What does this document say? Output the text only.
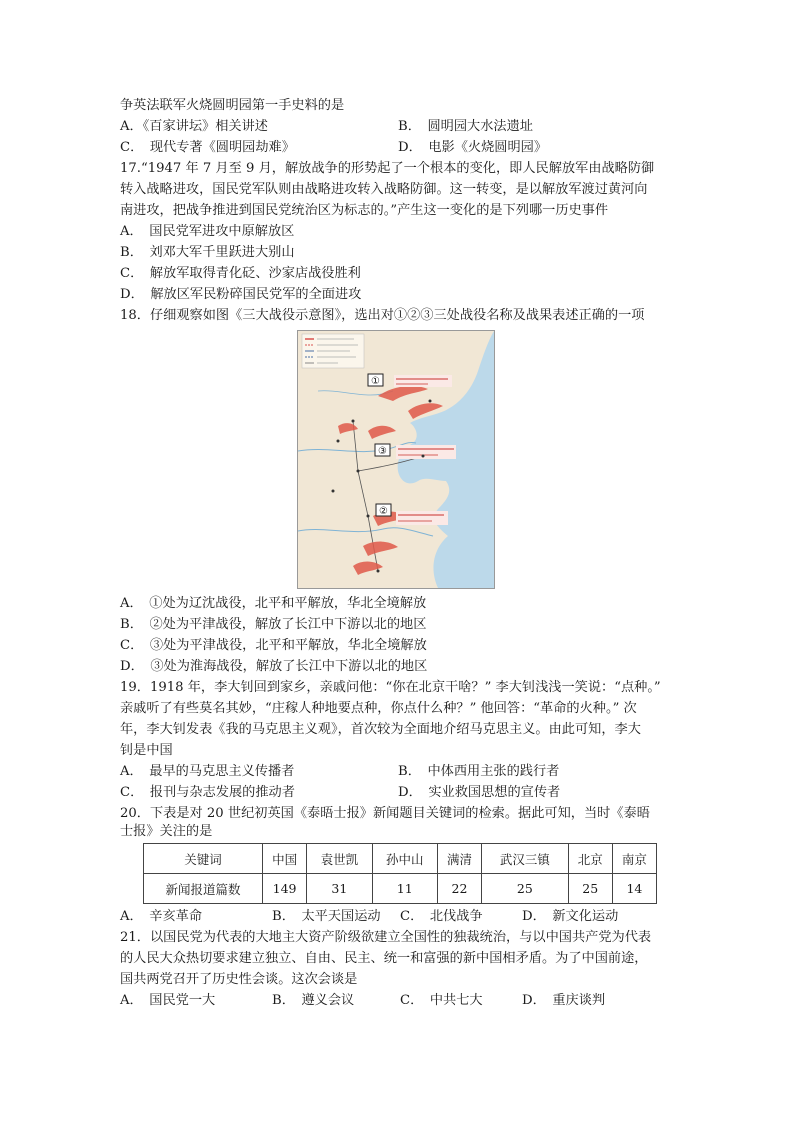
争英法联军火烧圆明园第一手史料的是
A．《百家讲坛》相关讲述	B．　圆明园大水法遗址
C．　现代专著《圆明园劫难》	D．　电影《火烧圆明园》
17.“1947 年 7 月至 9 月，解放战争的形势起了一个根本的变化，即人民解放军由战略防御
转入战略进攻，国民党军队则由战略进攻转入战略防御。这一转变，是以解放军渡过黄河向
南进攻，把战争推进到国民党统治区为标志的。”产生这一变化的是下列哪一历史事件
A．　国民党军进攻中原解放区
B．　刘邓大军千里跃进大别山
C．　解放军取得青化砭、沙家店战役胜利
D．　解放区军民粉碎国民党军的全面进攻
18．仔细观察如图《三大战役示意图》，选出对①②③三处战役名称及战果表述正确的一项
①
③
②
A．　①处为辽沈战役，北平和平解放，华北全境解放
B．　②处为平津战役，解放了长江中下游以北的地区
C．　③处为平津战役，北平和平解放，华北全境解放
D．　③处为淮海战役，解放了长江中下游以北的地区
19．1918 年，李大钊回到家乡，亲戚问他：“你在北京干啥？” 李大钊浅浅一笑说：“点种。”
亲戚听了有些莫名其妙，“庄稼人种地要点种，你点什么种？” 他回答：“革命的火种。” 次
年，李大钊发表《我的马克思主义观》，首次较为全面地介绍马克思主义。由此可知，李大
钊是中国
A．　最早的马克思主义传播者	B．　中体西用主张的践行者
C．　报刊与杂志发展的推动者	D．　实业救国思想的宣传者
20．下表是对 20 世纪初英国《泰晤士报》新闻题目关键词的检索。据此可知，当时《泰晤
士报》关注的是
关键词	中国	袁世凯	孙中山	满清	武汉三镇	北京	南京
新闻报道篇数	149	31	11	22	25	25	14
A．　辛亥革命	B．　太平天国运动 C．　北伐战争	D．　新文化运动
21．以国民党为代表的大地主大资产阶级欲建立全国性的独裁统治，与以中国共产党为代表
的人民大众热切要求建立独立、自由、民主、统一和富强的新中国相矛盾。为了中国前途，
国共两党召开了历史性会谈。这次会谈是
A．　国民党一大	B．　遵义会议	C．　中共七大	D．　重庆谈判
